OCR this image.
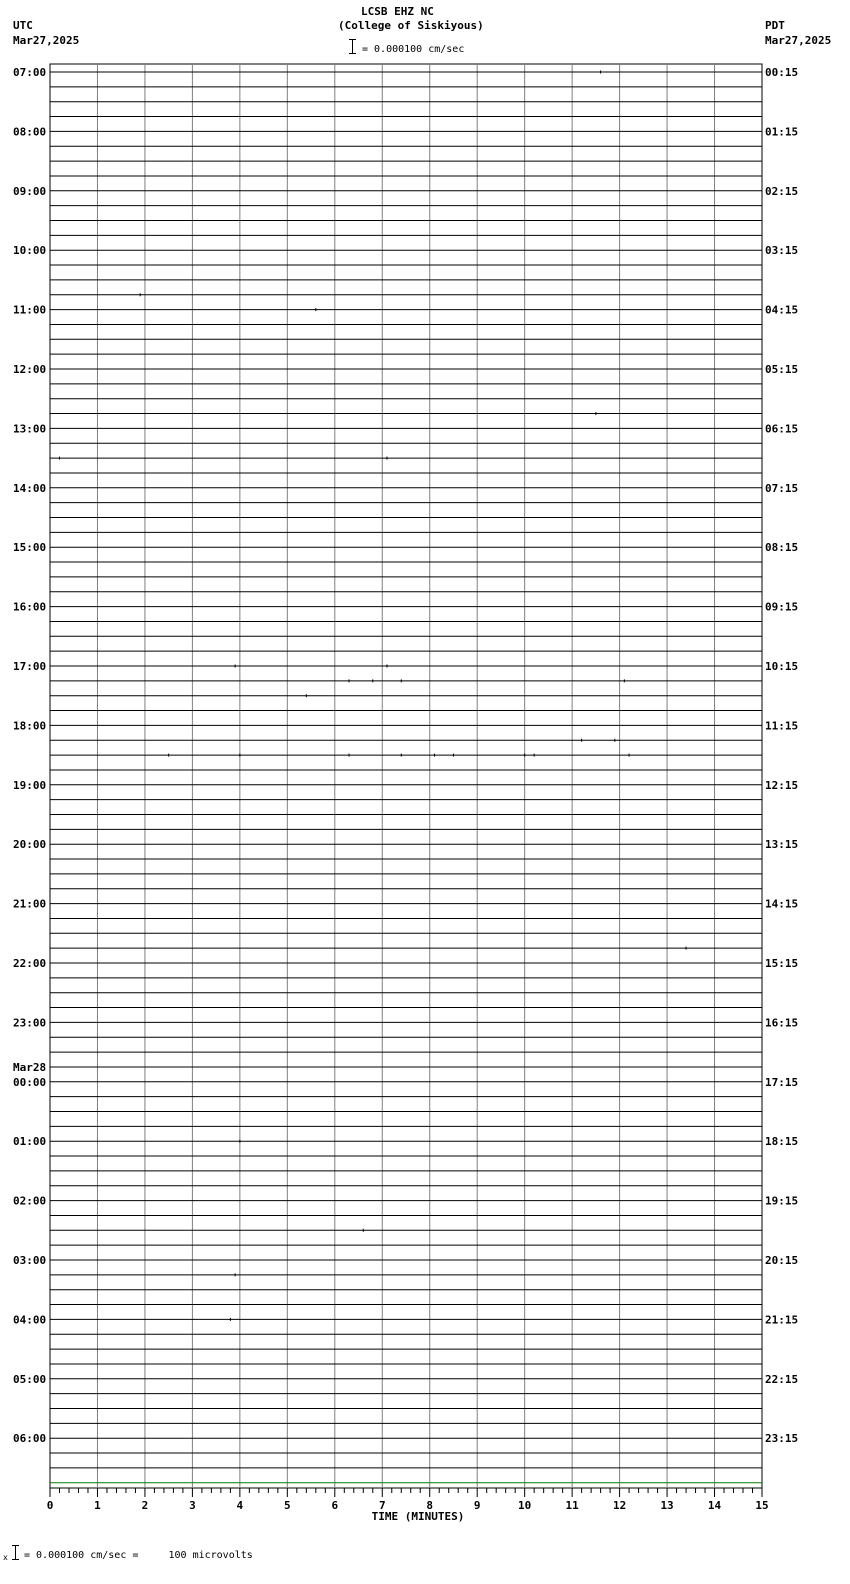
LCSB EHZ NC
(College of Siskiyous)
UTC
Mar27,2025
PDT
Mar27,2025
= 0.000100 cm/sec
07:00
08:00
09:00
10:00
11:00
12:00
13:00
14:00
15:00
16:00
17:00
18:00
19:00
20:00
21:00
22:00
23:00
00:00
01:00
02:00
03:00
04:00
05:00
06:00
00:15
01:15
02:15
03:15
04:15
05:15
06:15
07:15
08:15
09:15
10:15
11:15
12:15
13:15
14:15
15:15
16:15
17:15
18:15
19:15
20:15
21:15
22:15
23:15
Mar28
0	1	2	3	4	5	6	7	8	9	10	11	12	13	14	15
TIME (MINUTES)
x = 0.000100 cm/sec =     100 microvolts
